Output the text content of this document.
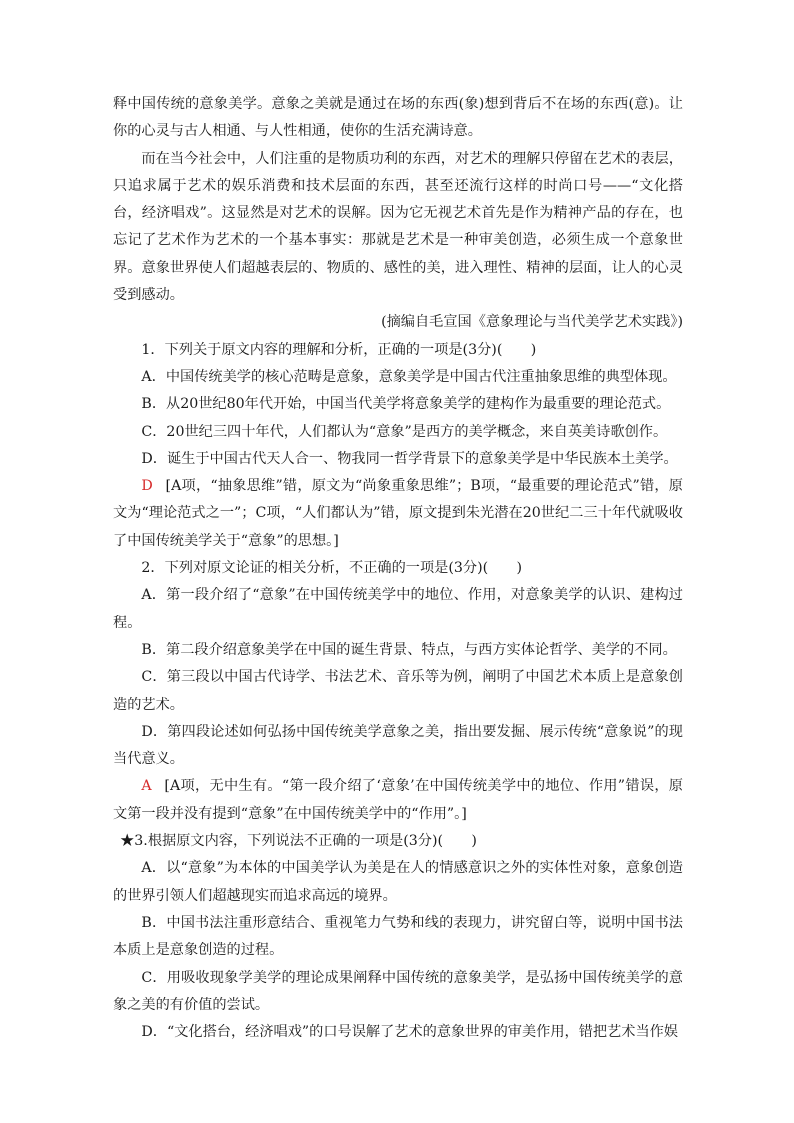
释中国传统的意象美学。意象之美就是通过在场的东西(象)想到背后不在场的东西(意)。让你的心灵与古人相通、与人性相通，使你的生活充满诗意。

而在当今社会中，人们注重的是物质功利的东西，对艺术的理解只停留在艺术的表层，只追求属于艺术的娱乐消费和技术层面的东西，甚至还流行这样的时尚口号——“文化搭台，经济唱戏”。这显然是对艺术的误解。因为它无视艺术首先是作为精神产品的存在，也忘记了艺术作为艺术的一个基本事实：那就是艺术是一种审美创造，必须生成一个意象世界。意象世界使人们超越表层的、物质的、感性的美，进入理性、精神的层面，让人的心灵受到感动。

(摘编自毛宣国《意象理论与当代美学艺术实践》)

1．下列关于原文内容的理解和分析，正确的一项是(3分)(　　)

A．中国传统美学的核心范畴是意象，意象美学是中国古代注重抽象思维的典型体现。

B．从20世纪80年代开始，中国当代美学将意象美学的建构作为最重要的理论范式。

C．20世纪三四十年代，人们都认为“意象”是西方的美学概念，来自英美诗歌创作。

D．诞生于中国古代天人合一、物我同一哲学背景下的意象美学是中华民族本土美学。

D [A项，“抽象思维”错，原文为“尚象重象思维”；B项，“最重要的理论范式”错，原文为“理论范式之一”；C项，“人们都认为”错，原文提到朱光潜在20世纪二三十年代就吸收了中国传统美学关于“意象”的思想。]

2．下列对原文论证的相关分析，不正确的一项是(3分)(　　)

A．第一段介绍了“意象”在中国传统美学中的地位、作用，对意象美学的认识、建构过程。

B．第二段介绍意象美学在中国的诞生背景、特点，与西方实体论哲学、美学的不同。

C．第三段以中国古代诗学、书法艺术、音乐等为例，阐明了中国艺术本质上是意象创造的艺术。

D．第四段论述如何弘扬中国传统美学意象之美，指出要发掘、展示传统“意象说”的现当代意义。

A [A项，无中生有。“第一段介绍了‘意象’在中国传统美学中的地位、作用”错误，原文第一段并没有提到“意象”在中国传统美学中的“作用”。]

★3.根据原文内容，下列说法不正确的一项是(3分)(　　)

A．以“意象”为本体的中国美学认为美是在人的情感意识之外的实体性对象，意象创造的世界引领人们超越现实而追求高远的境界。

B．中国书法注重形意结合、重视笔力气势和线的表现力，讲究留白等，说明中国书法本质上是意象创造的过程。

C．用吸收现象学美学的理论成果阐释中国传统的意象美学，是弘扬中国传统美学的意象之美的有价值的尝试。

D．“文化搭台，经济唱戏”的口号误解了艺术的意象世界的审美作用，错把艺术当作娱
